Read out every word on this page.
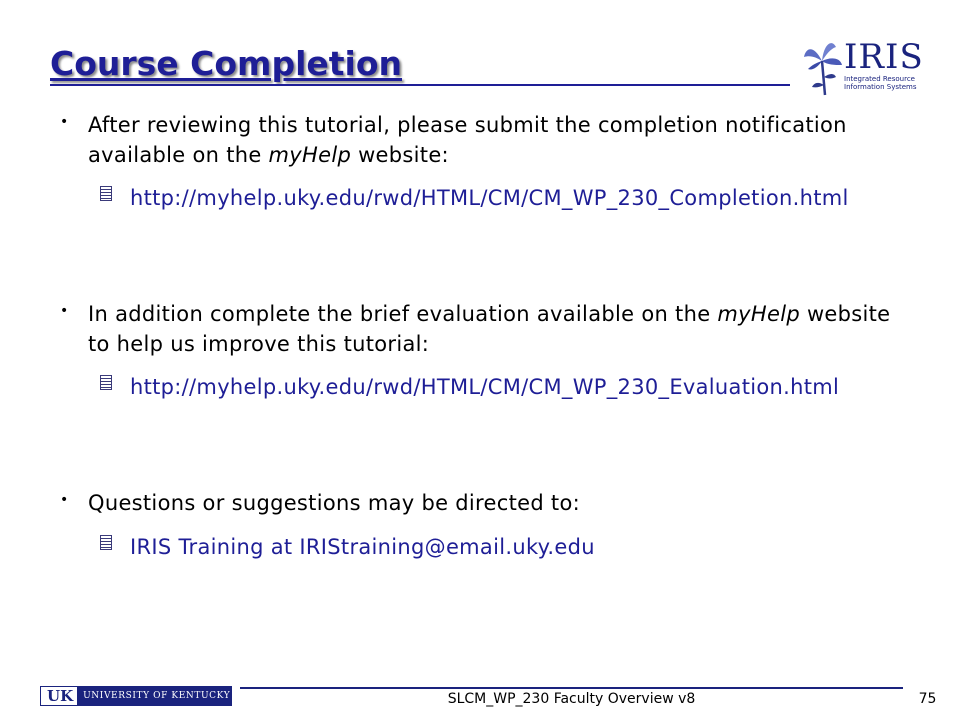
Course Completion	IRIS
Integrated Resource
Information Systems
• After reviewing this tutorial, please submit the completion notification available on the myHelp website:

http://myhelp.uky.edu/rwd/HTML/CM/CM_WP_230_Completion.html

• In addition complete the brief evaluation available on the myHelp website to help us improve this tutorial:

http://myhelp.uky.edu/rwd/HTML/CM/CM_WP_230_Evaluation.html

• Questions or suggestions may be directed to:

IRIS Training at IRIStraining@email.uky.edu

UK	UNIVERSITY OF KENTUCKY	SLCM_WP_230 Faculty Overview v8	75
